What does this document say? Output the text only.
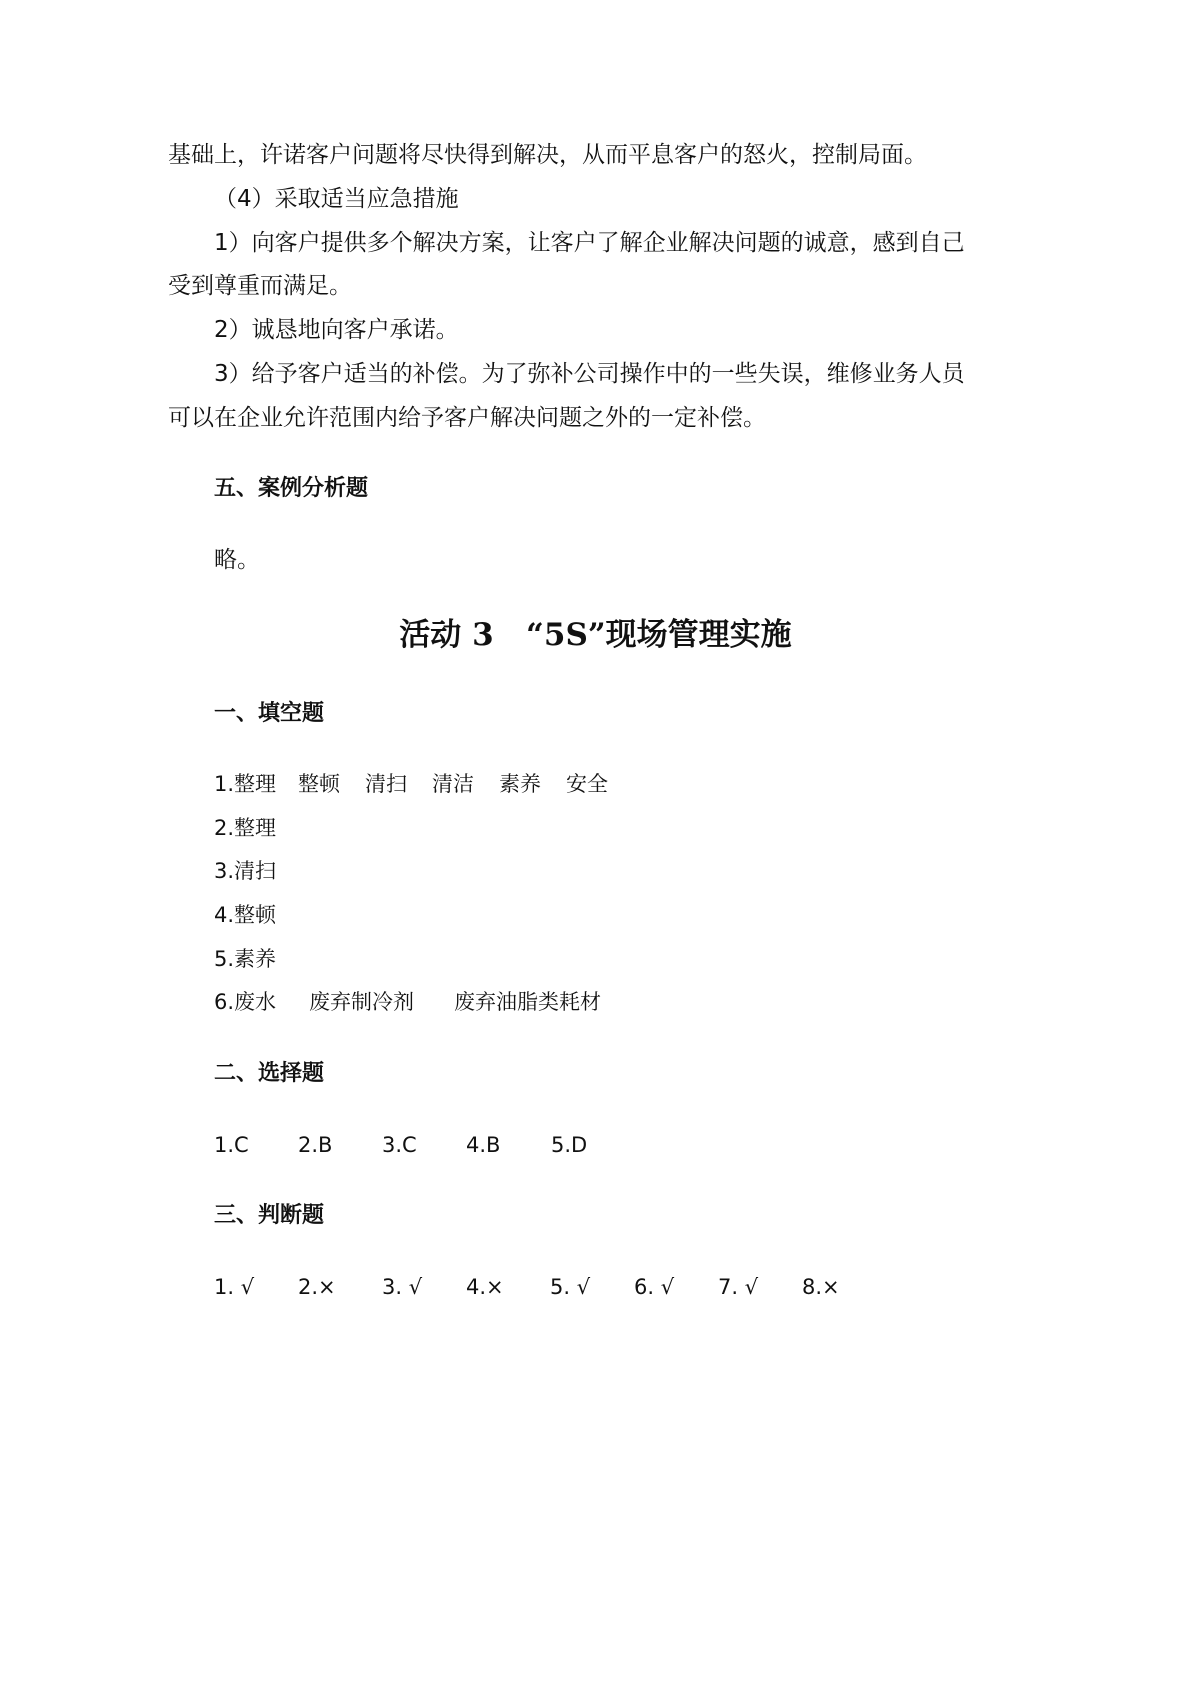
基础上，许诺客户问题将尽快得到解决，从而平息客户的怒火，控制局面。
（4）采取适当应急措施
1）向客户提供多个解决方案，让客户了解企业解决问题的诚意，感到自己
受到尊重而满足。
2）诚恳地向客户承诺。
3）给予客户适当的补偿。为了弥补公司操作中的一些失误，维修业务人员
可以在企业允许范围内给予客户解决问题之外的一定补偿。
五、案例分析题
略。
活动 3   “5S”现场管理实施
一、填空题
1.整理 整顿 清扫 清洁 素养 安全
2.整理
3.清扫
4.整顿
5.素养
6.废水 废弃制冷剂 废弃油脂类耗材
二、选择题
1.C 2.B 3.C 4.B 5.D
三、判断题
1. √ 2.× 3. √ 4.× 5. √ 6. √ 7. √ 8.×
